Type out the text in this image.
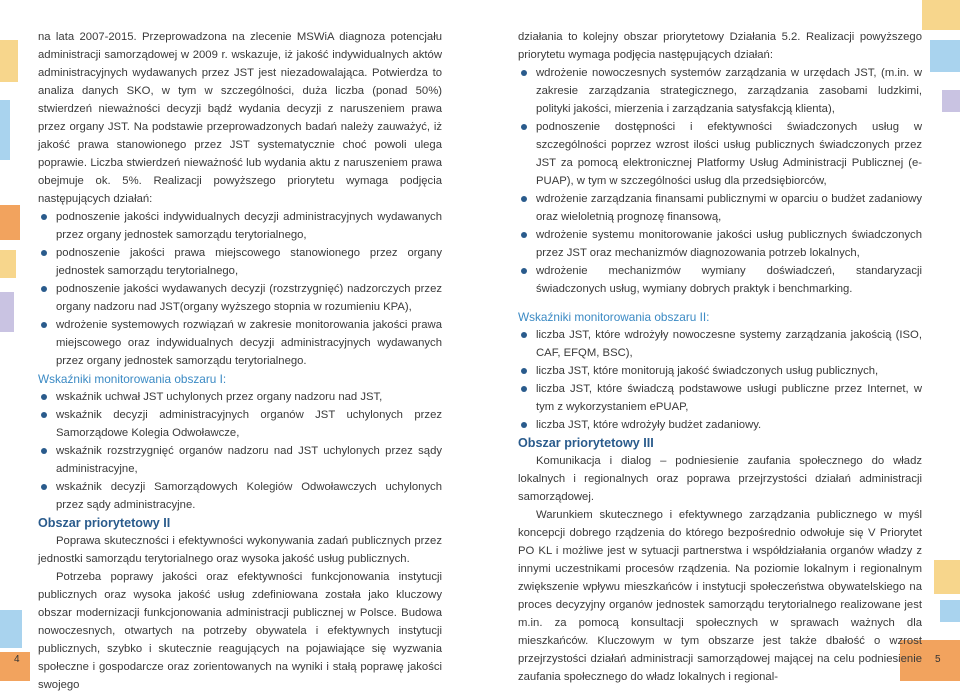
na lata 2007-2015. Przeprowadzona na zlecenie MSWiA diagnoza potencjału administracji samorządowej w 2009 r. wskazuje, iż jakość indywidualnych aktów administracyjnych wydawanych przez JST jest niezadowalająca. Potwierdza to analiza danych SKO, w tym w szczególności, duża liczba (ponad 50%) stwierdzeń nieważności decyzji bądź wydania decyzji z naruszeniem prawa przez organy JST. Na podstawie przeprowadzonych badań należy zauważyć, iż jakość prawa stanowionego przez JST systematycznie choć powoli ulega poprawie. Liczba stwierdzeń nieważność lub wydania aktu z naruszeniem prawa obejmuje ok. 5%. Realizacji powyższego priorytetu wymaga podjęcia następujących działań:

podnoszenie jakości indywidualnych decyzji administracyjnych wydawanych przez organy jednostek samorządu terytorialnego,
podnoszenie jakości prawa miejscowego stanowionego przez organy jednostek samorządu terytorialnego,
podnoszenie jakości wydawanych decyzji (rozstrzygnięć) nadzorczych przez organy nadzoru nad JST(organy wyższego stopnia w rozumieniu KPA),
wdrożenie systemowych rozwiązań w zakresie monitorowania jakości prawa miejscowego oraz indywidualnych decyzji administracyjnych wydawanych przez organy jednostek samorządu terytorialnego.

Wskaźniki monitorowania obszaru I:

wskaźnik uchwał JST uchylonych przez organy nadzoru nad JST,
wskaźnik decyzji administracyjnych organów JST uchylonych przez Samorządowe Kolegia Odwoławcze,
wskaźnik rozstrzygnięć organów nadzoru nad JST uchylonych przez sądy administracyjne,
wskaźnik decyzji Samorządowych Kolegiów Odwoławczych uchylonych przez sądy administracyjne.

Obszar priorytetowy II

Poprawa skuteczności i efektywności wykonywania zadań publicznych przez jednostki samorządu terytorialnego oraz wysoka jakość usług publicznych.

Potrzeba poprawy jakości oraz efektywności funkcjonowania instytucji publicznych oraz wysoka jakość usług zdefiniowana została jako kluczowy obszar modernizacji funkcjonowania administracji publicznej w Polsce. Budowa nowoczesnych, otwartych na potrzeby obywatela i efektywnych instytucji publicznych, szybko i skutecznie reagujących na pojawiające się wyzwania społeczne i gospodarcze oraz zorientowanych na wyniki i stałą poprawę jakości swojego

działania to kolejny obszar priorytetowy Działania 5.2. Realizacji powyższego priorytetu wymaga podjęcia następujących działań:

wdrożenie nowoczesnych systemów zarządzania w urzędach JST, (m.in. w zakresie zarządzania strategicznego, zarządzania zasobami ludzkimi, polityki jakości, mierzenia i zarządzania satysfakcją klienta),
podnoszenie dostępności i efektywności świadczonych usług w szczególności poprzez wzrost ilości usług publicznych świadczonych przez JST za pomocą elektronicznej Platformy Usług Administracji Publicznej (e-PUAP), w tym w szczególności usług dla przedsiębiorców,
wdrożenie zarządzania finansami publicznymi w oparciu o budżet zadaniowy oraz wieloletnią prognozę finansową,
wdrożenie systemu monitorowanie jakości usług publicznych świadczonych przez JST oraz mechanizmów diagnozowania potrzeb lokalnych,
wdrożenie mechanizmów wymiany doświadczeń, standaryzacji świadczonych usług, wymiany dobrych praktyk i benchmarking.

Wskaźniki monitorowania obszaru II:

liczba JST, które wdrożyły nowoczesne systemy zarządzania jakością (ISO, CAF, EFQM, BSC),
liczba JST, które monitorują jakość świadczonych usług publicznych,
liczba JST, które świadczą podstawowe usługi publiczne przez Internet, w tym z wykorzystaniem ePUAP,
liczba JST, które wdrożyły budżet zadaniowy.

Obszar priorytetowy III

Komunikacja i dialog – podniesienie zaufania społecznego do władz lokalnych i regionalnych oraz poprawa przejrzystości działań administracji samorządowej.

Warunkiem skutecznego i efektywnego zarządzania publicznego w myśl koncepcji dobrego rządzenia do którego bezpośrednio odwołuje się V Priorytet PO KL i możliwe jest w sytuacji partnerstwa i współdziałania organów władzy z innymi uczestnikami procesów rządzenia. Na poziomie lokalnym i regionalnym zwiększenie wpływu mieszkańców i instytucji społeczeństwa obywatelskiego na proces decyzyjny organów jednostek samorządu terytorialnego realizowane jest m.in. za pomocą konsultacji społecznych w sprawach ważnych dla mieszkańców. Kluczowym w tym obszarze jest także dbałość o wzrost przejrzystości działań administracji samorządowej mającej na celu podniesienie zaufania społecznego do władz lokalnych i regional-

4	5
